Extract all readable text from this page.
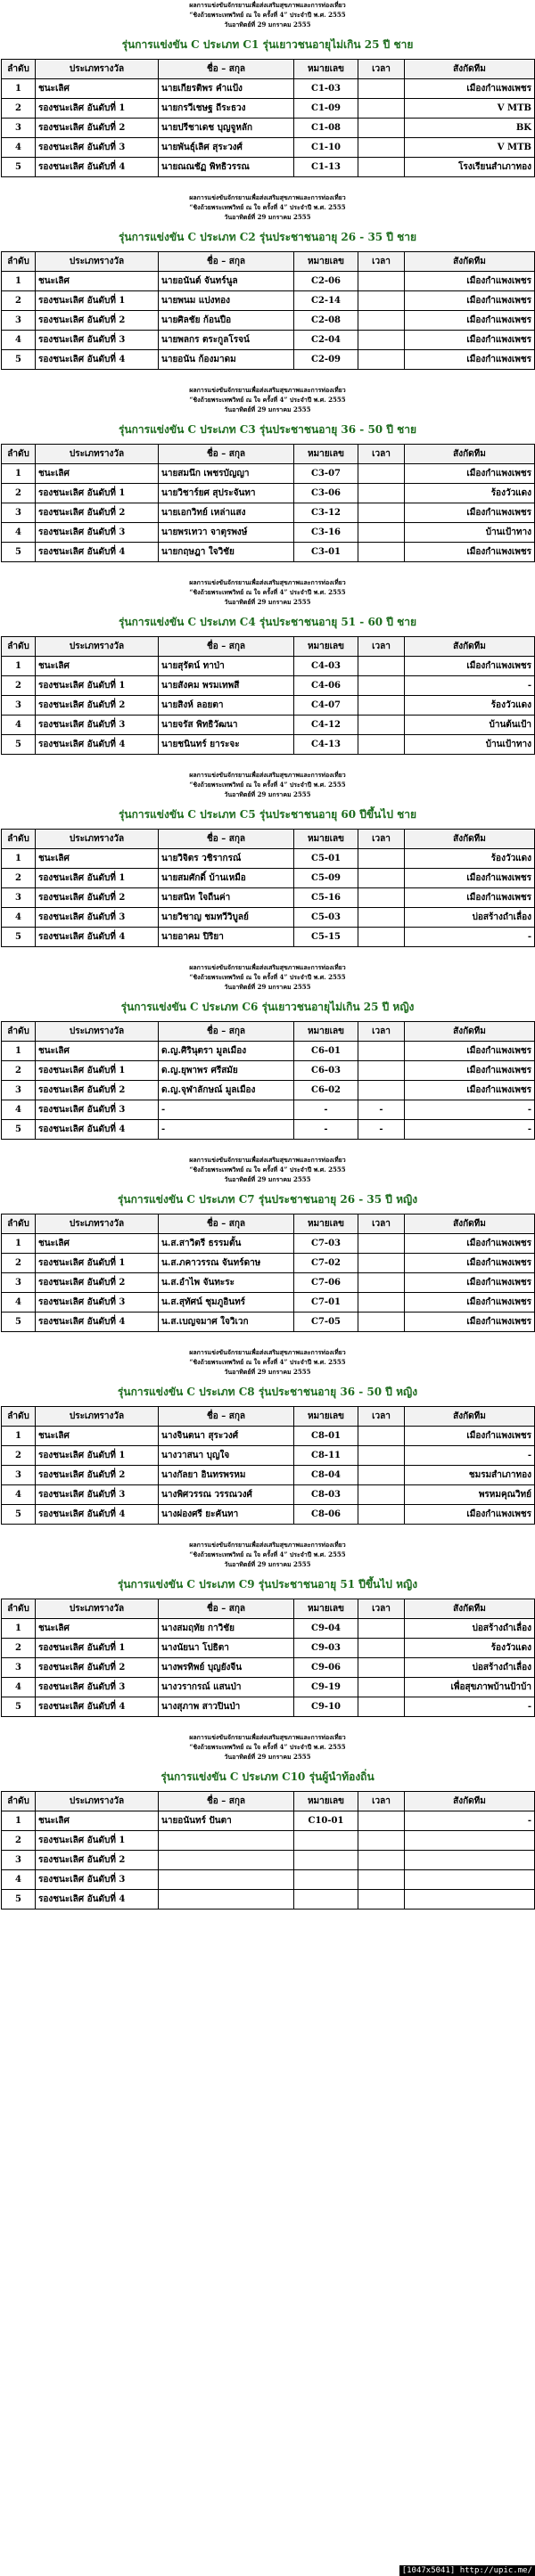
ผลการแข่งขันจักรยานเพื่อส่งเสริมสุขภาพและการท่องเที่ยว
“ชิงถ้วยพระเทพวิทย์ ณ ใจ ครั้งที่ 4” ประจำปี พ.ศ. 2555
วันอาทิตย์ที่ 29 มกราคม 2555
รุ่นการแข่งขัน C ประเภท C1 รุ่นเยาวชนอายุไม่เกิน 25 ปี ชาย
ลำดับ	ประเภทรางวัล	ชื่อ – สกุล	หมายเลข	เวลา	สังกัดทีม
1	ชนะเลิศ	นายเกียรติพร คำแป้ง	C1-03		เมืองกำแพงเพชร
2	รองชนะเลิศ อันดับที่ 1	นายกรวีเชษฐ ถีระธวง	C1-09		V MTB
3	รองชนะเลิศ อันดับที่ 2	นายปรีชาเดช บุญจูหลัก	C1-08		BK
4	รองชนะเลิศ อันดับที่ 3	นายพันธุ์เลิศ สุระวงศ์	C1-10		V MTB
5	รองชนะเลิศ อันดับที่ 4	นายณณชัฏ พิทธิวรรณ	C1-13		โรงเรียนสำเภาทอง
ผลการแข่งขันจักรยานเพื่อส่งเสริมสุขภาพและการท่องเที่ยว
“ชิงถ้วยพระเทพวิทย์ ณ ใจ ครั้งที่ 4” ประจำปี พ.ศ. 2555
วันอาทิตย์ที่ 29 มกราคม 2555
รุ่นการแข่งขัน C ประเภท C2 รุ่นประชาชนอายุ 26 - 35 ปี ชาย
ลำดับ	ประเภทรางวัล	ชื่อ – สกุล	หมายเลข	เวลา	สังกัดทีม
1	ชนะเลิศ	นายอนันต์ จันทร์นูล	C2-06		เมืองกำแพงเพชร
2	รองชนะเลิศ อันดับที่ 1	นายพนม แปงทอง	C2-14		เมืองกำแพงเพชร
3	รองชนะเลิศ อันดับที่ 2	นายศิลชัย ก้อนปือ	C2-08		เมืองกำแพงเพชร
4	รองชนะเลิศ อันดับที่ 3	นายพลกร ตระกูลโรจน์	C2-04		เมืองกำแพงเพชร
5	รองชนะเลิศ อันดับที่ 4	นายอนัน ก้องมาดม	C2-09		เมืองกำแพงเพชร
ผลการแข่งขันจักรยานเพื่อส่งเสริมสุขภาพและการท่องเที่ยว
“ชิงถ้วยพระเทพวิทย์ ณ ใจ ครั้งที่ 4” ประจำปี พ.ศ. 2555
วันอาทิตย์ที่ 29 มกราคม 2555
รุ่นการแข่งขัน C ประเภท C3 รุ่นประชาชนอายุ 36 - 50 ปี ชาย
ลำดับ	ประเภทรางวัล	ชื่อ – สกุล	หมายเลข	เวลา	สังกัดทีม
1	ชนะเลิศ	นายสมนึก เพชรบัญญา	C3-07		เมืองกำแพงเพชร
2	รองชนะเลิศ อันดับที่ 1	นายวิชาร์ยศ สุประจันทา	C3-06		ร้องวัวแดง
3	รองชนะเลิศ อันดับที่ 2	นายเอกวิทย์ เหล่าแสง	C3-12		เมืองกำแพงเพชร
4	รองชนะเลิศ อันดับที่ 3	นายพรเทวา จาตุรพงษ์	C3-16		บ้านเป้าทาง
5	รองชนะเลิศ อันดับที่ 4	นายกฤษฎา ใจวิชัย	C3-01		เมืองกำแพงเพชร
ผลการแข่งขันจักรยานเพื่อส่งเสริมสุขภาพและการท่องเที่ยว
“ชิงถ้วยพระเทพวิทย์ ณ ใจ ครั้งที่ 4” ประจำปี พ.ศ. 2555
วันอาทิตย์ที่ 29 มกราคม 2555
รุ่นการแข่งขัน C ประเภท C4 รุ่นประชาชนอายุ 51 - 60 ปี ชาย
ลำดับ	ประเภทรางวัล	ชื่อ – สกุล	หมายเลข	เวลา	สังกัดทีม
1	ชนะเลิศ	นายสุรัตน์ ทาป่า	C4-03		เมืองกำแพงเพชร
2	รองชนะเลิศ อันดับที่ 1	นายสังคม พรมเทพสี	C4-06		-
3	รองชนะเลิศ อันดับที่ 2	นายสิงห์ ลอยตา	C4-07		ร้องวัวแดง
4	รองชนะเลิศ อันดับที่ 3	นายจรัส พิทธิวัฒนา	C4-12		บ้านต้นเป้า
5	รองชนะเลิศ อันดับที่ 4	นายชนินทร์ ยาระจะ	C4-13		บ้านเป้าทาง
ผลการแข่งขันจักรยานเพื่อส่งเสริมสุขภาพและการท่องเที่ยว
“ชิงถ้วยพระเทพวิทย์ ณ ใจ ครั้งที่ 4” ประจำปี พ.ศ. 2555
วันอาทิตย์ที่ 29 มกราคม 2555
รุ่นการแข่งขัน C ประเภท C5 รุ่นประชาชนอายุ 60 ปีขึ้นไป ชาย
ลำดับ	ประเภทรางวัล	ชื่อ – สกุล	หมายเลข	เวลา	สังกัดทีม
1	ชนะเลิศ	นายวิจิตร วชิรากรณ์	C5-01		ร้องวัวแดง
2	รองชนะเลิศ อันดับที่ 1	นายสมศักดิ์ บ้านเหมือ	C5-09		เมืองกำแพงเพชร
3	รองชนะเลิศ อันดับที่ 2	นายสนิท ใจถืนค่า	C5-16		เมืองกำแพงเพชร
4	รองชนะเลิศ อันดับที่ 3	นายวิชาญ ชมทวีวิบูลย์	C5-03		บ่อสร้างถำเลื่อง
5	รองชนะเลิศ อันดับที่ 4	นายอาคม ปิริยา	C5-15		-
ผลการแข่งขันจักรยานเพื่อส่งเสริมสุขภาพและการท่องเที่ยว
“ชิงถ้วยพระเทพวิทย์ ณ ใจ ครั้งที่ 4” ประจำปี พ.ศ. 2555
วันอาทิตย์ที่ 29 มกราคม 2555
รุ่นการแข่งขัน C ประเภท C6 รุ่นเยาวชนอายุไม่เกิน 25 ปี หญิง
ลำดับ	ประเภทรางวัล	ชื่อ – สกุล	หมายเลข	เวลา	สังกัดทีม
1	ชนะเลิศ	ด.ญ.ศิรินุตรา มูลเมือง	C6-01		เมืองกำแพงเพชร
2	รองชนะเลิศ อันดับที่ 1	ด.ญ.ยุพาพร ศรีสมัย	C6-03		เมืองกำแพงเพชร
3	รองชนะเลิศ อันดับที่ 2	ด.ญ.จุฬาลักษณ์ มูลเมือง	C6-02		เมืองกำแพงเพชร
4	รองชนะเลิศ อันดับที่ 3	-	-	-	-
5	รองชนะเลิศ อันดับที่ 4	-	-	-	-
ผลการแข่งขันจักรยานเพื่อส่งเสริมสุขภาพและการท่องเที่ยว
“ชิงถ้วยพระเทพวิทย์ ณ ใจ ครั้งที่ 4” ประจำปี พ.ศ. 2555
วันอาทิตย์ที่ 29 มกราคม 2555
รุ่นการแข่งขัน C ประเภท C7 รุ่นประชาชนอายุ 26 - 35 ปี หญิง
ลำดับ	ประเภทรางวัล	ชื่อ – สกุล	หมายเลข	เวลา	สังกัดทีม
1	ชนะเลิศ	น.ส.สาวิตรี ธรรมตั้น	C7-03		เมืองกำแพงเพชร
2	รองชนะเลิศ อันดับที่ 1	น.ส.ภคาวรรณ จันทร์ดาษ	C7-02		เมืองกำแพงเพชร
3	รองชนะเลิศ อันดับที่ 2	น.ส.อำไพ จันทะระ	C7-06		เมืองกำแพงเพชร
4	รองชนะเลิศ อันดับที่ 3	น.ส.สุทัศน์ ชุมภูอินทร์	C7-01		เมืองกำแพงเพชร
5	รองชนะเลิศ อันดับที่ 4	น.ส.เบญจมาศ ใจวิเวก	C7-05		เมืองกำแพงเพชร
ผลการแข่งขันจักรยานเพื่อส่งเสริมสุขภาพและการท่องเที่ยว
“ชิงถ้วยพระเทพวิทย์ ณ ใจ ครั้งที่ 4” ประจำปี พ.ศ. 2555
วันอาทิตย์ที่ 29 มกราคม 2555
รุ่นการแข่งขัน C ประเภท C8 รุ่นประชาชนอายุ 36 - 50 ปี หญิง
ลำดับ	ประเภทรางวัล	ชื่อ – สกุล	หมายเลข	เวลา	สังกัดทีม
1	ชนะเลิศ	นางจินตนา สุระวงศ์	C8-01		เมืองกำแพงเพชร
2	รองชนะเลิศ อันดับที่ 1	นางวาสนา บุญใจ	C8-11		-
3	รองชนะเลิศ อันดับที่ 2	นางกัลยา อินทรพรหม	C8-04		ชมรมสำเภาทอง
4	รองชนะเลิศ อันดับที่ 3	นางพิศวรรณ วรรณวงศ์	C8-03		พรหมคุณวิทย์
5	รองชนะเลิศ อันดับที่ 4	นางผ่องศรี ยะคันทา	C8-06		เมืองกำแพงเพชร
ผลการแข่งขันจักรยานเพื่อส่งเสริมสุขภาพและการท่องเที่ยว
“ชิงถ้วยพระเทพวิทย์ ณ ใจ ครั้งที่ 4” ประจำปี พ.ศ. 2555
วันอาทิตย์ที่ 29 มกราคม 2555
รุ่นการแข่งขัน C ประเภท C9 รุ่นประชาชนอายุ 51 ปีขึ้นไป หญิง
ลำดับ	ประเภทรางวัล	ชื่อ – สกุล	หมายเลข	เวลา	สังกัดทีม
1	ชนะเลิศ	นางสมฤทัย กาวิชัย	C9-04		บ่อสร้างถำเลื่อง
2	รองชนะเลิศ อันดับที่ 1	นางนัยนา โปธิตา	C9-03		ร้องวัวแดง
3	รองชนะเลิศ อันดับที่ 2	นางพรทิพย์ บุญยังจีน	C9-06		บ่อสร้างถำเลื่อง
4	รองชนะเลิศ อันดับที่ 3	นางวรากรณ์ แสนป่า	C9-19		เพื่อสุขภาพบ้านป้าบ้า
5	รองชนะเลิศ อันดับที่ 4	นางสุภาพ สาวปินป่า	C9-10		-
ผลการแข่งขันจักรยานเพื่อส่งเสริมสุขภาพและการท่องเที่ยว
“ชิงถ้วยพระเทพวิทย์ ณ ใจ ครั้งที่ 4” ประจำปี พ.ศ. 2555
วันอาทิตย์ที่ 29 มกราคม 2555
รุ่นการแข่งขัน C ประเภท C10 รุ่นผู้นำท้องถิ่น
ลำดับ	ประเภทรางวัล	ชื่อ – สกุล	หมายเลข	เวลา	สังกัดทีม
1	ชนะเลิศ	นายอนันทร์ ปันตา	C10-01		-
2	รองชนะเลิศ อันดับที่ 1				
3	รองชนะเลิศ อันดับที่ 2				
4	รองชนะเลิศ อันดับที่ 3				
5	รองชนะเลิศ อันดับที่ 4				
[1047x5041] http://upic.me/
